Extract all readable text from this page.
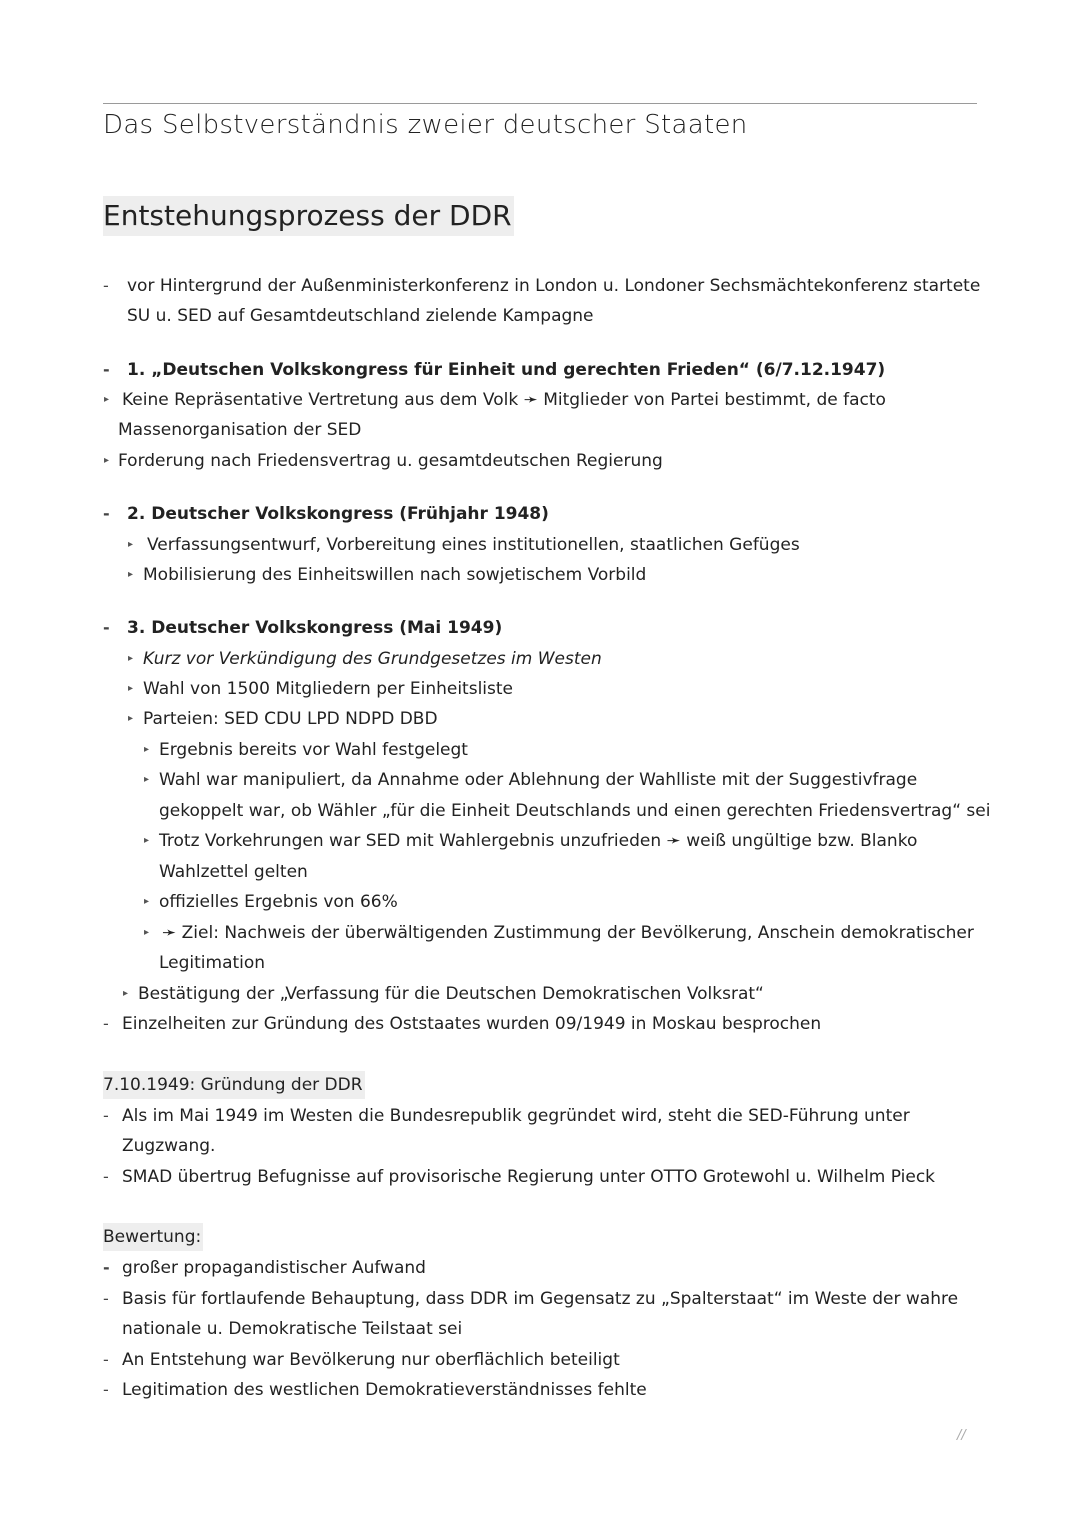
Das Selbstverständnis zweier deutscher Staaten
Entstehungsprozess der DDR
- vor Hintergrund der Außenministerkonferenz in London u. Londoner Sechsmächtekonferenz startete
SU u. SED auf Gesamtdeutschland zielende Kampagne
- 1. „Deutschen Volkskongress für Einheit und gerechten Frieden“ (6/7.12.1947)
▸ Keine Repräsentative Vertretung aus dem Volk ➛ Mitglieder von Partei bestimmt, de facto
Massenorganisation der SED
▸ Forderung nach Friedensvertrag u. gesamtdeutschen Regierung
- 2. Deutscher Volkskongress (Frühjahr 1948)
▸ Verfassungsentwurf, Vorbereitung eines institutionellen, staatlichen Gefüges
▸ Mobilisierung des Einheitswillen nach sowjetischem Vorbild
- 3. Deutscher Volkskongress (Mai 1949)
▸ Kurz vor Verkündigung des Grundgesetzes im Westen
▸ Wahl von 1500 Mitgliedern per Einheitsliste
▸ Parteien: SED CDU LPD NDPD DBD
▸ Ergebnis bereits vor Wahl festgelegt
▸ Wahl war manipuliert, da Annahme oder Ablehnung der Wahlliste mit der Suggestivfrage
gekoppelt war, ob Wähler „für die Einheit Deutschlands und einen gerechten Friedensvertrag“ sei
▸ Trotz Vorkehrungen war SED mit Wahlergebnis unzufrieden ➛ weiß ungültige bzw. Blanko
Wahlzettel gelten
▸ offizielles Ergebnis von 66%
▸ ➛ Ziel: Nachweis der überwältigenden Zustimmung der Bevölkerung, Anschein demokratischer
Legitimation
▸ Bestätigung der „Verfassung für die Deutschen Demokratischen Volksrat“
- Einzelheiten zur Gründung des Oststaates wurden 09/1949 in Moskau besprochen
7.10.1949: Gründung der DDR
- Als im Mai 1949 im Westen die Bundesrepublik gegründet wird, steht die SED-Führung unter
Zugzwang.
- SMAD übertrug Befugnisse auf provisorische Regierung unter OTTO Grotewohl u. Wilhelm Pieck
Bewertung:
- großer propagandistischer Aufwand
- Basis für fortlaufende Behauptung, dass DDR im Gegensatz zu „Spalterstaat“ im Weste der wahre
nationale u. Demokratische Teilstaat sei
- An Entstehung war Bevölkerung nur oberflächlich beteiligt
- Legitimation des westlichen Demokratieverständnisses fehlte
//
